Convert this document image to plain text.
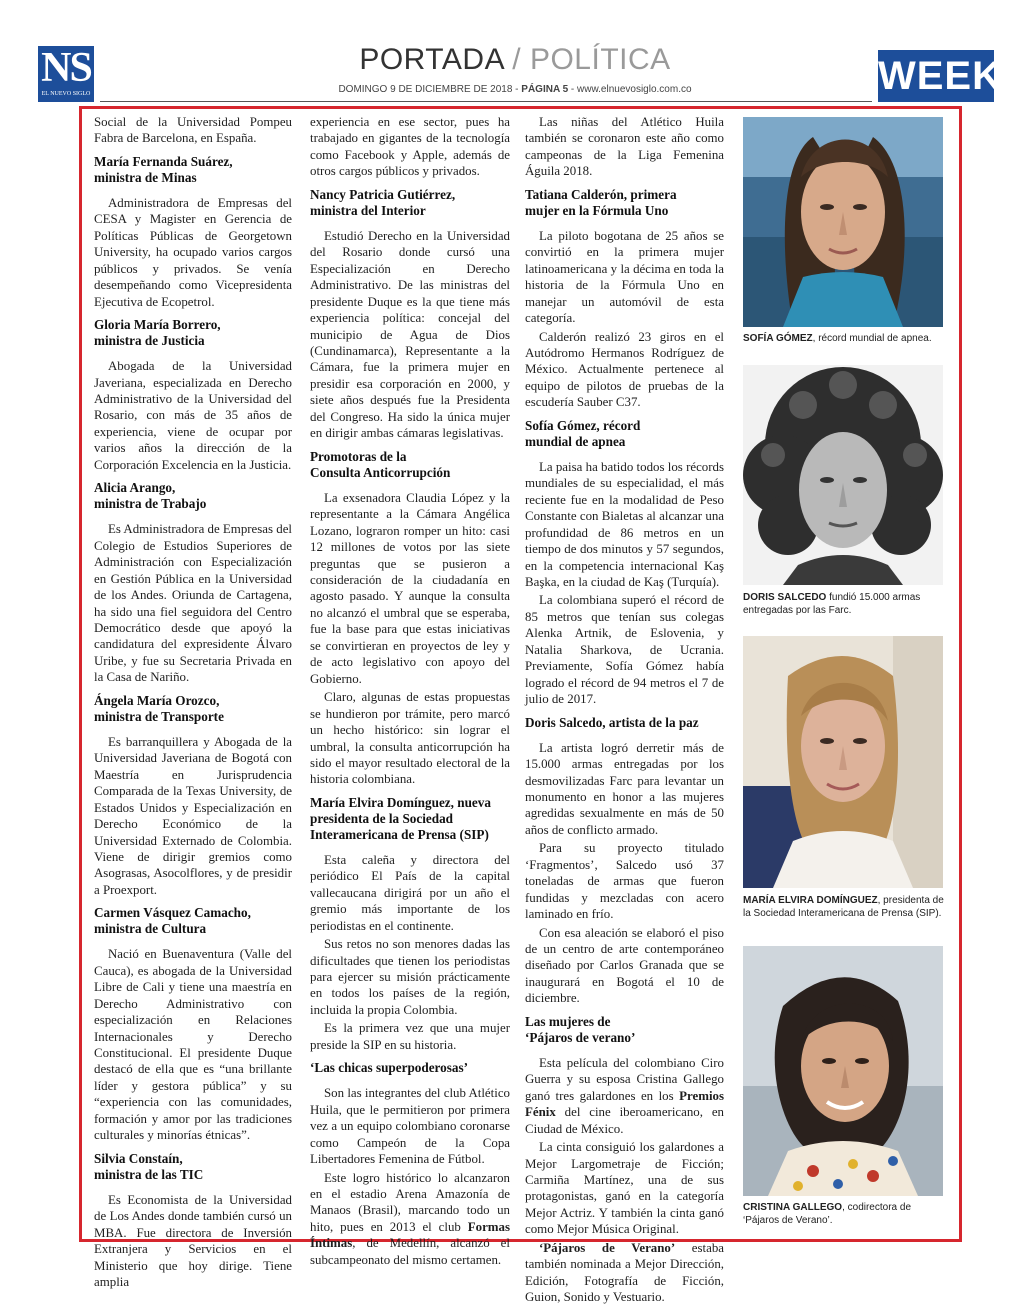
NS
EL NUEVO SIGLO
PORTADA / POLÍTICA
DOMINGO 9 DE DICIEMBRE DE 2018 - PÁGINA 5 - www.elnuevosiglo.com.co	WEEK

Social de la Universidad Pompeu Fabra de Barcelona, en España.

María Fernanda Suárez,
ministra de Minas

Administradora de Empresas del CESA y Magister en Gerencia de Políticas Públicas de Georgetown University, ha ocupado varios cargos públicos y privados. Se venía desempeñando como Vicepresidenta Ejecutiva de Ecopetrol.

Gloria María Borrero,
ministra de Justicia

Abogada de la Universidad Javeriana, especializada en Derecho Administrativo de la Universidad del Rosario, con más de 35 años de experiencia, viene de ocupar por varios años la dirección de la Corporación Excelencia en la Justicia.

Alicia Arango,
ministra de Trabajo

Es Administradora de Empresas del Colegio de Estudios Superiores de Administración con Especialización en Gestión Pública en la Universidad de los Andes. Oriunda de Cartagena, ha sido una fiel seguidora del Centro Democrático desde que apoyó la candidatura del expresidente Álvaro Uribe, y fue su Secretaria Privada en la Casa de Nariño.

Ángela María Orozco,
ministra de Transporte

Es barranquillera y Abogada de la Universidad Javeriana de Bogotá con Maestría en Jurisprudencia Comparada de la Texas University, de Estados Unidos y Especialización en Derecho Económico de la Universidad Externado de Colombia. Viene de dirigir gremios como Asograsas, Asocolflores, y de presidir a Proexport.

Carmen Vásquez Camacho,
ministra de Cultura

Nació en Buenaventura (Valle del Cauca), es abogada de la Universidad Libre de Cali y tiene una maestría en Derecho Administrativo con especialización en Relaciones Internacionales y Derecho Constitucional. El presidente Duque destacó de ella que es “una brillante líder y gestora pública” y su “experiencia con las comunidades, formación y amor por las tradiciones culturales y minorías étnicas”.

Silvia Constaín,
ministra de las TIC

Es Economista de la Universidad de Los Andes donde también cursó un MBA. Fue directora de Inversión Extranjera y Servicios en el Ministerio que hoy dirige. Tiene amplia

experiencia en ese sector, pues ha trabajado en gigantes de la tecnología como Facebook y Apple, además de otros cargos públicos y privados.

Nancy Patricia Gutiérrez,
ministra del Interior

Estudió Derecho en la Universidad del Rosario donde cursó una Especialización en Derecho Administrativo. De las ministras del presidente Duque es la que tiene más experiencia política: concejal del municipio de Agua de Dios (Cundinamarca), Representante a la Cámara, fue la primera mujer en presidir esa corporación en 2000, y siete años después fue la Presidenta del Congreso. Ha sido la única mujer en dirigir ambas cámaras legislativas.

Promotoras de la
Consulta Anticorrupción

La exsenadora Claudia López y la representante a la Cámara Angélica Lozano, lograron romper un hito: casi 12 millones de votos por las siete preguntas que se pusieron a consideración de la ciudadanía en agosto pasado. Y aunque la consulta no alcanzó el umbral que se esperaba, fue la base para que estas iniciativas se convirtieran en proyectos de ley y de acto legislativo con apoyo del Gobierno.

Claro, algunas de estas propuestas se hundieron por trámite, pero marcó un hecho histórico: sin lograr el umbral, la consulta anticorrupción ha sido el mayor resultado electoral de la historia colombiana.

María Elvira Domínguez, nueva presidenta de la Sociedad Interamericana de Prensa (SIP)

Esta caleña y directora del periódico El País de la capital vallecaucana dirigirá por un año el gremio más importante de los periodistas en el continente.

Sus retos no son menores dadas las dificultades que tienen los periodistas para ejercer su misión prácticamente en todos los países de la región, incluida la propia Colombia.

Es la primera vez que una mujer preside la SIP en su historia.

‘Las chicas superpoderosas’

Son las integrantes del club Atlético Huila, que le permitieron por primera vez a un equipo colombiano coronarse como Campeón de la Copa Libertadores Femenina de Fútbol.

Este logro histórico lo alcanzaron en el estadio Arena Amazonía de Manaos (Brasil), marcando todo un hito, pues en 2013 el club Formas Íntimas, de Medellín, alcanzó el subcampeonato del mismo certamen.

Las niñas del Atlético Huila también se coronaron este año como campeonas de la Liga Femenina Águila 2018.

Tatiana Calderón, primera
mujer en la Fórmula Uno

La piloto bogotana de 25 años se convirtió en la primera mujer latinoamericana y la décima en toda la historia de la Fórmula Uno en manejar un automóvil de esta categoría.

Calderón realizó 23 giros en el Autódromo Hermanos Rodríguez de México. Actualmente pertenece al equipo de pilotos de pruebas de la escudería Sauber C37.

Sofía Gómez, récord
mundial de apnea

La paisa ha batido todos los récords mundiales de su especialidad, el más reciente fue en la modalidad de Peso Constante con Bialetas al alcanzar una profundidad de 86 metros en un tiempo de dos minutos y 57 segundos, en la competencia internacional Kaş Başka, en la ciudad de Kaş (Turquía).

La colombiana superó el récord de 85 metros que tenían sus colegas Alenka Artnik, de Eslovenia, y Natalia Sharkova, de Ucrania. Previamente, Sofía Gómez había logrado el récord de 94 metros el 7 de julio de 2017.

Doris Salcedo, artista de la paz

La artista logró derretir más de 15.000 armas entregadas por los desmovilizadas Farc para levantar un monumento en honor a las mujeres agredidas sexualmente en más de 50 años de conflicto armado.

Para su proyecto titulado ‘Fragmentos’, Salcedo usó 37 toneladas de armas que fueron fundidas y mezcladas con acero laminado en frío.

Con esa aleación se elaboró el piso de un centro de arte contemporáneo diseñado por Carlos Granada que se inaugurará en Bogotá el 10 de diciembre.

Las mujeres de
‘Pájaros de verano’

Esta película del colombiano Ciro Guerra y su esposa Cristina Gallego ganó tres galardones en los Premios Fénix del cine iberoamericano, en Ciudad de México.

La cinta consiguió los galardones a Mejor Largometraje de Ficción; Carmiña Martínez, una de sus protagonistas, ganó en la categoría Mejor Actriz. Y también la cinta ganó como Mejor Música Original.

‘Pájaros de Verano’ estaba también nominada a Mejor Dirección, Edición, Fotografía de Ficción, Guion, Sonido y Vestuario.

SOFÍA GÓMEZ, récord mundial de apnea.
DORIS SALCEDO fundió 15.000 armas entregadas por las Farc.
MARÍA ELVIRA DOMÍNGUEZ, presidenta de la Sociedad Interamericana de Prensa (SIP).
CRISTINA GALLEGO, codirectora de ‘Pájaros de Verano’.
